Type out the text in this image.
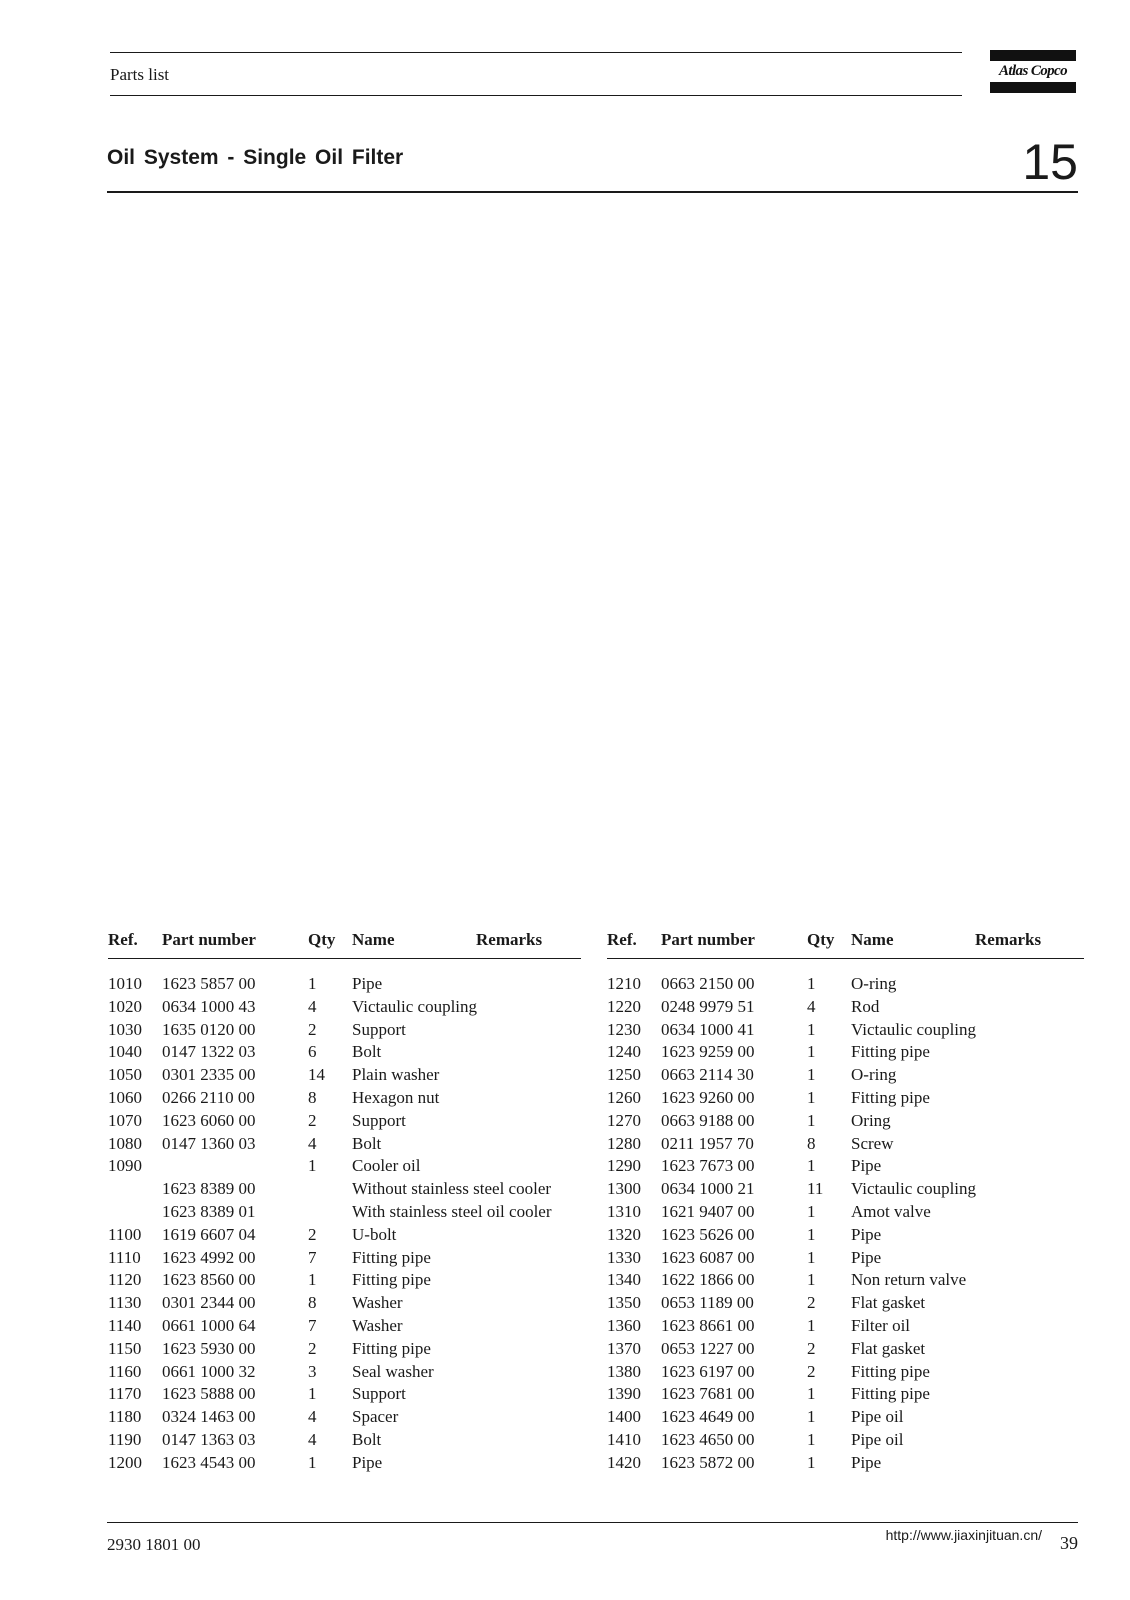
Parts list	Atlas Copco
Oil System - Single Oil Filter	15
Ref. Part number	Qty Name	Remarks
1010 1623 5857 00	1 Pipe
1020 0634 1000 43	4 Victaulic coupling
1030 1635 0120 00	2 Support
1040 0147 1322 03	6 Bolt
1050 0301 2335 00	14 Plain washer
1060 0266 2110 00	8 Hexagon nut
1070 1623 6060 00	2 Support
1080 0147 1360 03	4 Bolt
1090	1 Cooler oil
1623 8389 00	Without stainless steel cooler
1623 8389 01	With stainless steel oil cooler
1100 1619 6607 04	2 U-bolt
1110 1623 4992 00	7 Fitting pipe
1120 1623 8560 00	1 Fitting pipe
1130 0301 2344 00	8 Washer
1140 0661 1000 64	7 Washer
1150 1623 5930 00	2 Fitting pipe
1160 0661 1000 32	3 Seal washer
1170 1623 5888 00	1 Support
1180 0324 1463 00	4 Spacer
1190 0147 1363 03	4 Bolt
1200 1623 4543 00	1 Pipe
Ref. Part number	Qty Name	Remarks
1210 0663 2150 00	1 O-ring
1220 0248 9979 51	4 Rod
1230 0634 1000 41	1 Victaulic coupling
1240 1623 9259 00	1 Fitting pipe
1250 0663 2114 30	1 O-ring
1260 1623 9260 00	1 Fitting pipe
1270 0663 9188 00	1 Oring
1280 0211 1957 70	8 Screw
1290 1623 7673 00	1 Pipe
1300 0634 1000 21	11 Victaulic coupling
1310 1621 9407 00	1 Amot valve
1320 1623 5626 00	1 Pipe
1330 1623 6087 00	1 Pipe
1340 1622 1866 00	1 Non return valve
1350 0653 1189 00	2 Flat gasket
1360 1623 8661 00	1 Filter oil
1370 0653 1227 00	2 Flat gasket
1380 1623 6197 00	2 Fitting pipe
1390 1623 7681 00	1 Fitting pipe
1400 1623 4649 00	1 Pipe oil
1410 1623 4650 00	1 Pipe oil
1420 1623 5872 00	1 Pipe
2930 1801 00	http://www.jiaxinjituan.cn/ 39
